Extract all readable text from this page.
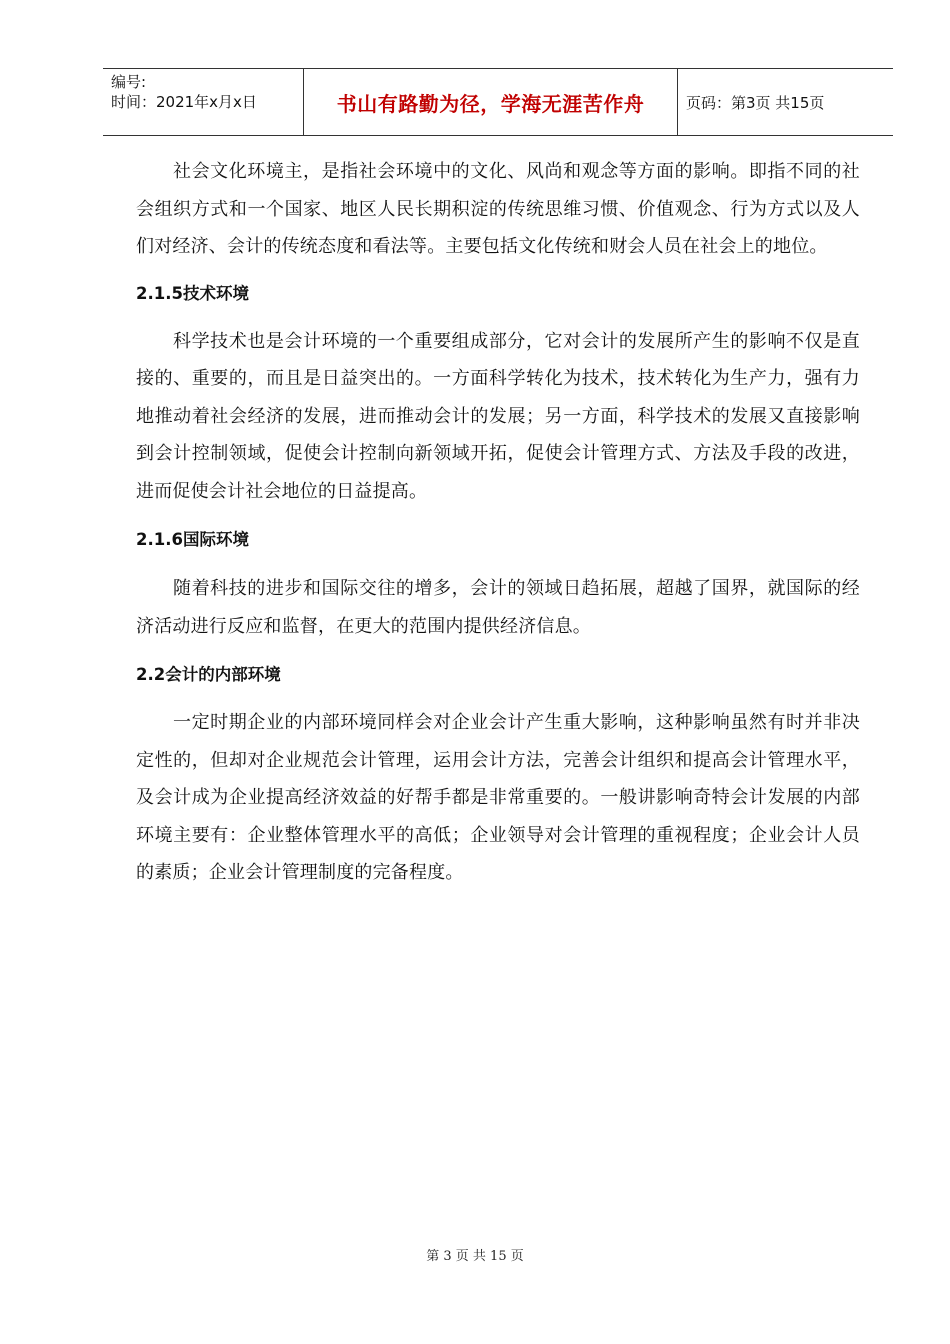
编号:
时间：2021年x月x日	书山有路勤为径，学海无涯苦作舟	页码：第3页 共15页

社会文化环境主，是指社会环境中的文化、风尚和观念等方面的影响。即指不同的社会组织方式和一个国家、地区人民长期积淀的传统思维习惯、价值观念、行为方式以及人们对经济、会计的传统态度和看法等。主要包括文化传统和财会人员在社会上的地位。

2.1.5技术环境

科学技术也是会计环境的一个重要组成部分，它对会计的发展所产生的影响不仅是直接的、重要的，而且是日益突出的。一方面科学转化为技术，技术转化为生产力，强有力地推动着社会经济的发展，进而推动会计的发展；另一方面，科学技术的发展又直接影响到会计控制领域，促使会计控制向新领域开拓，促使会计管理方式、方法及手段的改进，进而促使会计社会地位的日益提高。

2.1.6国际环境

随着科技的进步和国际交往的增多，会计的领域日趋拓展，超越了国界，就国际的经济活动进行反应和监督，在更大的范围内提供经济信息。

2.2会计的内部环境

一定时期企业的内部环境同样会对企业会计产生重大影响，这种影响虽然有时并非决定性的，但却对企业规范会计管理，运用会计方法，完善会计组织和提高会计管理水平，及会计成为企业提高经济效益的好帮手都是非常重要的。一般讲影响奇特会计发展的内部环境主要有：企业整体管理水平的高低；企业领导对会计管理的重视程度；企业会计人员的素质；企业会计管理制度的完备程度。

第 3 页 共 15 页
